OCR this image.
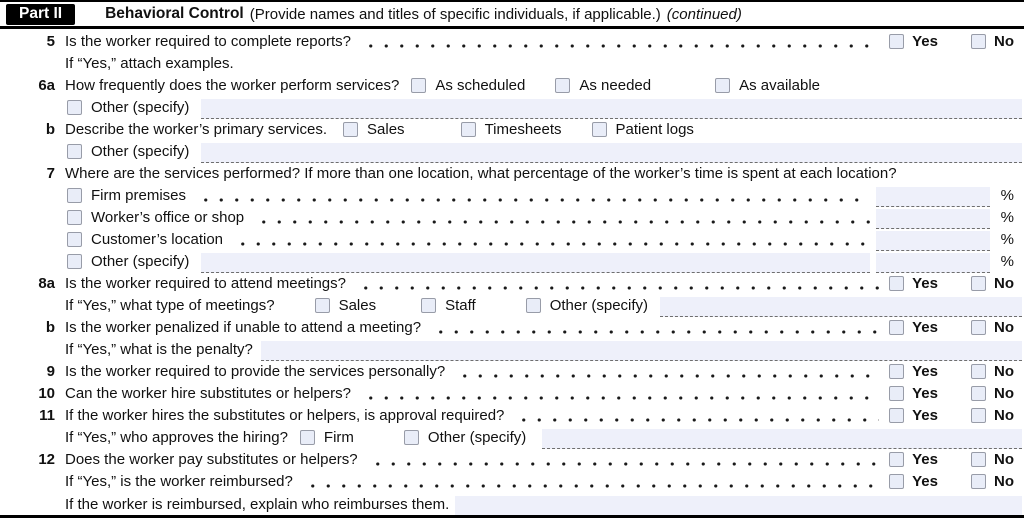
Part II	Behavioral Control (Provide names and titles of specific individuals, if applicable.) (continued)
5 Is the worker required to complete reports?	Yes	No
If “Yes,” attach examples.
6a How frequently does the worker perform services? As scheduled	As needed	As available
Other (specify)
b Describe the worker’s primary services.	Sales	Timesheets	Patient logs
Other (specify)
7 Where are the services performed? If more than one location, what percentage of the worker’s time is spent at each location?
Firm premises	%
Worker’s office or shop	%
Customer’s location	%
Other (specify)	%
8a Is the worker required to attend meetings?	Yes	No
If “Yes,” what type of meetings?	Sales	Staff	Other (specify)
b Is the worker penalized if unable to attend a meeting?	Yes	No
If “Yes,” what is the penalty?
9 Is the worker required to provide the services personally?	Yes	No
10 Can the worker hire substitutes or helpers?	Yes	No
11 If the worker hires the substitutes or helpers, is approval required?	Yes	No
If “Yes,” who approves the hiring? Firm	Other (specify)
12 Does the worker pay substitutes or helpers?	Yes	No
If “Yes,” is the worker reimbursed?	Yes	No
If the worker is reimbursed, explain who reimburses them.
